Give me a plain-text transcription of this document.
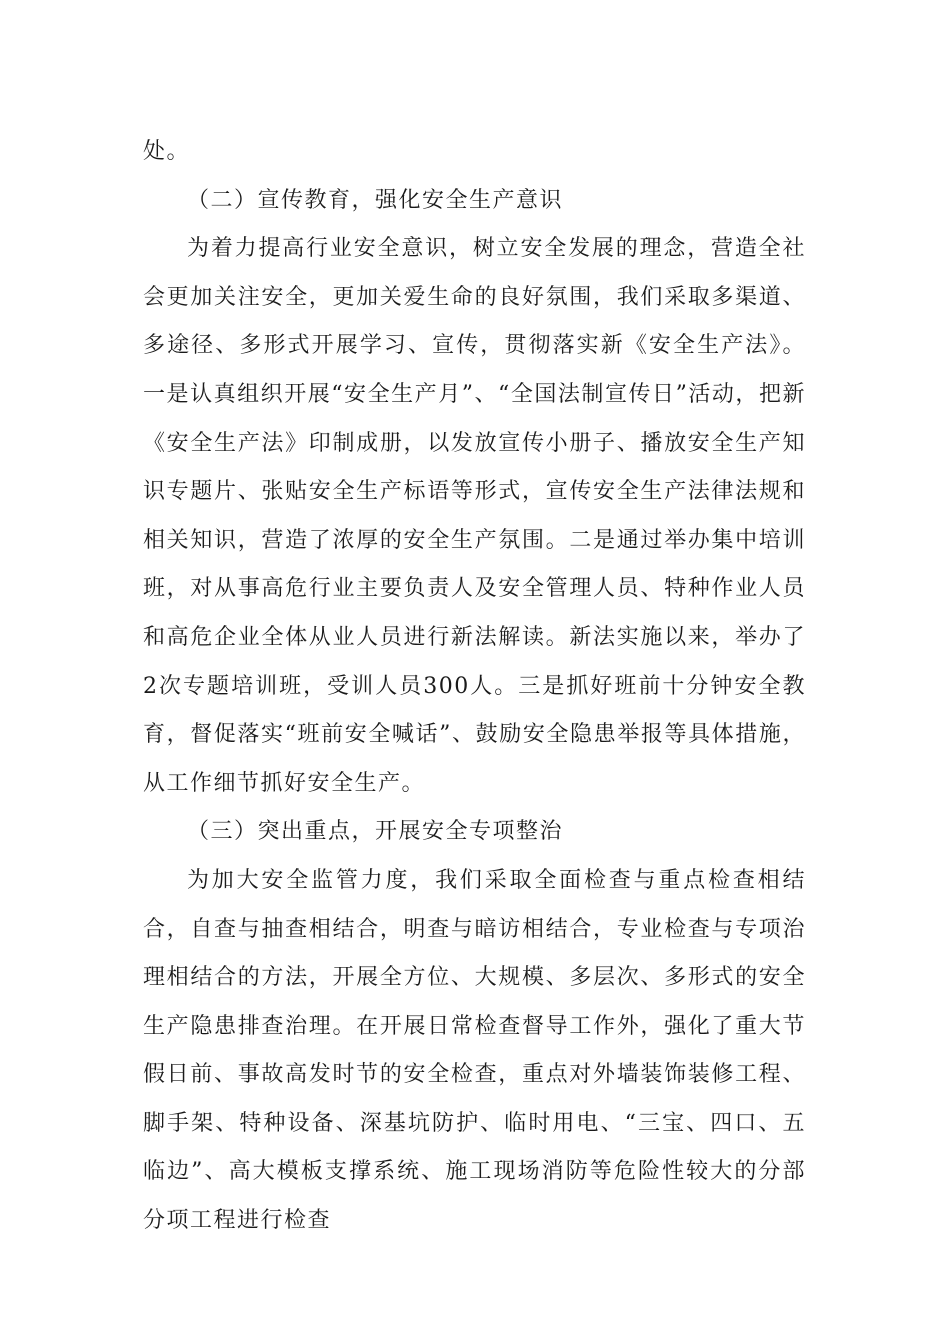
处。

（二）宣传教育，强化安全生产意识

为着力提高行业安全意识，树立安全发展的理念，营造全社会更加关注安全，更加关爱生命的良好氛围，我们采取多渠道、多途径、多形式开展学习、宣传，贯彻落实新《安全生产法》。一是认真组织开展“安全生产月”、“全国法制宣传日”活动，把新《安全生产法》印制成册，以发放宣传小册子、播放安全生产知识专题片、张贴安全生产标语等形式，宣传安全生产法律法规和相关知识，营造了浓厚的安全生产氛围。二是通过举办集中培训班，对从事高危行业主要负责人及安全管理人员、特种作业人员和高危企业全体从业人员进行新法解读。新法实施以来，举办了2次专题培训班，受训人员300人。三是抓好班前十分钟安全教育，督促落实“班前安全喊话”、鼓励安全隐患举报等具体措施，从工作细节抓好安全生产。

（三）突出重点，开展安全专项整治

为加大安全监管力度，我们采取全面检查与重点检查相结合，自查与抽查相结合，明查与暗访相结合，专业检查与专项治理相结合的方法，开展全方位、大规模、多层次、多形式的安全生产隐患排查治理。在开展日常检查督导工作外，强化了重大节假日前、事故高发时节的安全检查，重点对外墙装饰装修工程、脚手架、特种设备、深基坑防护、临时用电、“三宝、四口、五临边”、高大模板支撑系统、施工现场消防等危险性较大的分部分项工程进行检查
